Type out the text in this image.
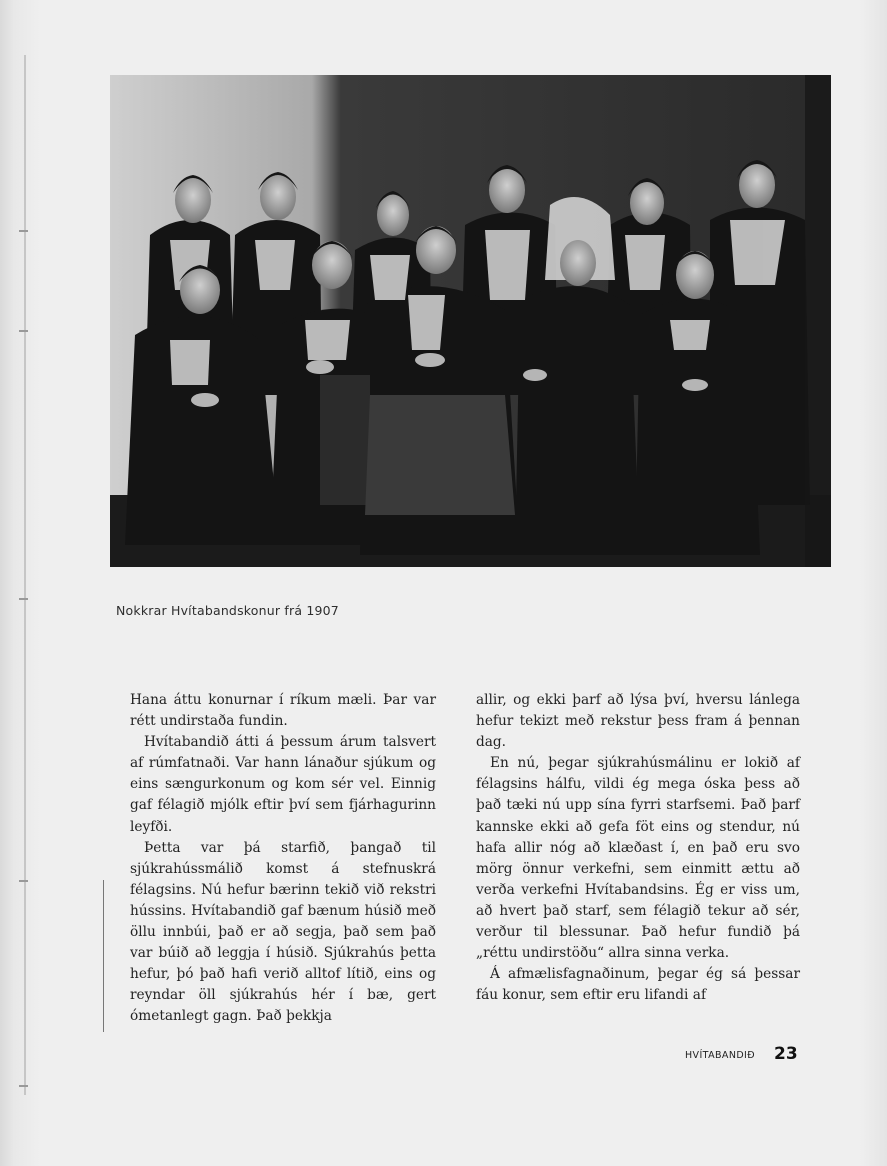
Nokkrar Hvítabandskonur frá 1907

Hana áttu konurnar í ríkum mæli. Þar var rétt undirstaða fundin.

Hvítabandið átti á þessum árum talsvert af rúmfatnaði. Var hann lánaður sjúkum og eins sængurkonum og kom sér vel. Einnig gaf félagið mjólk eftir því sem fjárhagurinn leyfði.

Þetta var þá starfið, þangað til sjúkrahússmálið komst á stefnuskrá félagsins. Nú hefur bærinn tekið við rekstri hússins. Hvítabandið gaf bænum húsið með öllu innbúi, það er að segja, það sem það var búið að leggja í húsið. Sjúkrahús þetta hefur, þó það hafi verið alltof lítið, eins og reyndar öll sjúkrahús hér í bæ, gert ómetanlegt gagn. Það þekkja

allir, og ekki þarf að lýsa því, hversu lánlega hefur tekizt með rekstur þess fram á þennan dag.

En nú, þegar sjúkrahúsmálinu er lokið af félagsins hálfu, vildi ég mega óska þess að það tæki nú upp sína fyrri starfsemi. Það þarf kannske ekki að gefa föt eins og stendur, nú hafa allir nóg að klæðast í, en það eru svo mörg önnur verkefni, sem einmitt ættu að verða verkefni Hvítabandsins. Ég er viss um, að hvert það starf, sem félagið tekur að sér, verður til blessunar. Það hefur fundið þá „réttu undirstöðu“ allra sinna verka.

Á afmælisfagnaðinum, þegar ég sá þessar fáu konur, sem eftir eru lifandi af

HVÍTABANDIÐ 23
